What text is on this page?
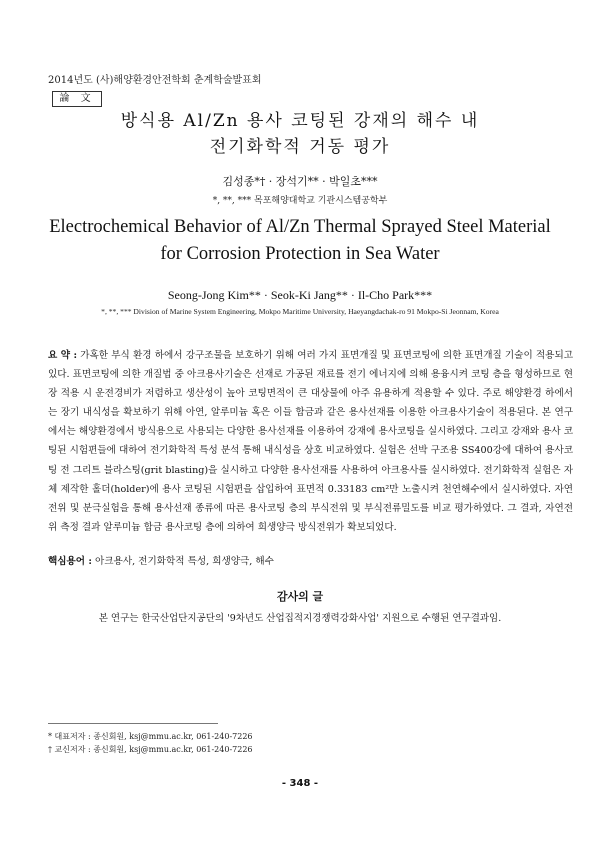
2014년도 (사)해양환경안전학회 춘계학술발표회
論 文
방식용 Al/Zn 용사 코팅된 강재의 해수 내
전기화학적 거동 평가
김성종*† · 장석기** · 박일초***
*, **, *** 목포해양대학교 기관시스템공학부
Electrochemical Behavior of Al/Zn Thermal Sprayed Steel Material
for Corrosion Protection in Sea Water
Seong-Jong Kim** · Seok-Ki Jang** · Il-Cho Park***
*, **, *** Division of Marine System Engineering, Mokpo Maritime University, Haeyangdachak-ro 91 Mokpo-Si Jeonnam, Korea
요 약 : 가혹한 부식 환경 하에서 강구조물을 보호하기 위해 여러 가지 표면개질 및 표면코팅에 의한 표면개질 기술이 적용되고 있다. 표면코팅에 의한 개질법 중 아크용사기술은 선재로 가공된 재료를 전기 에너지에 의해 용융시켜 코팅 층을 형성하므로 현장 적용 시 운전경비가 저렴하고 생산성이 높아 코팅면적이 큰 대상물에 아주 유용하게 적용할 수 있다. 주로 해양환경 하에서는 장기 내식성을 확보하기 위해 아연, 알루미늄 혹은 이들 합금과 같은 용사선재를 이용한 아크용사기술이 적용된다. 본 연구에서는 해양환경에서 방식용으로 사용되는 다양한 용사선재를 이용하여 강재에 용사코팅을 실시하였다. 그리고 강재와 용사 코팅된 시험편들에 대하여 전기화학적 특성 분석 통해 내식성을 상호 비교하였다. 실험은 선박 구조용 SS400강에 대하여 용사코팅 전 그리트 블라스팅(grit blasting)을 실시하고 다양한 용사선재를 사용하여 아크용사를 실시하였다. 전기화학적 실험은 자체 제작한 홀더(holder)에 용사 코팅된 시험편을 삽입하여 표면적 0.33183 cm²만 노출시켜 천연해수에서 실시하였다. 자연전위 및 분극실험을 통해 용사선재 종류에 따른 용사코팅 층의 부식전위 및 부식전류밀도를 비교 평가하였다. 그 결과, 자연전위 측정 결과 알루미늄 합금 용사코팅 층에 의하여 희생양극 방식전위가 확보되었다.
핵심용어 : 아크용사, 전기화학적 특성, 희생양극, 해수
감사의 글
본 연구는 한국산업단지공단의 '9차년도 산업집적지경쟁력강화사업' 지원으로 수행된 연구결과임.
* 대표저자 : 종신회원, ksj@mmu.ac.kr, 061-240-7226
† 교신저자 : 종신회원, ksj@mmu.ac.kr, 061-240-7226
- 348 -
